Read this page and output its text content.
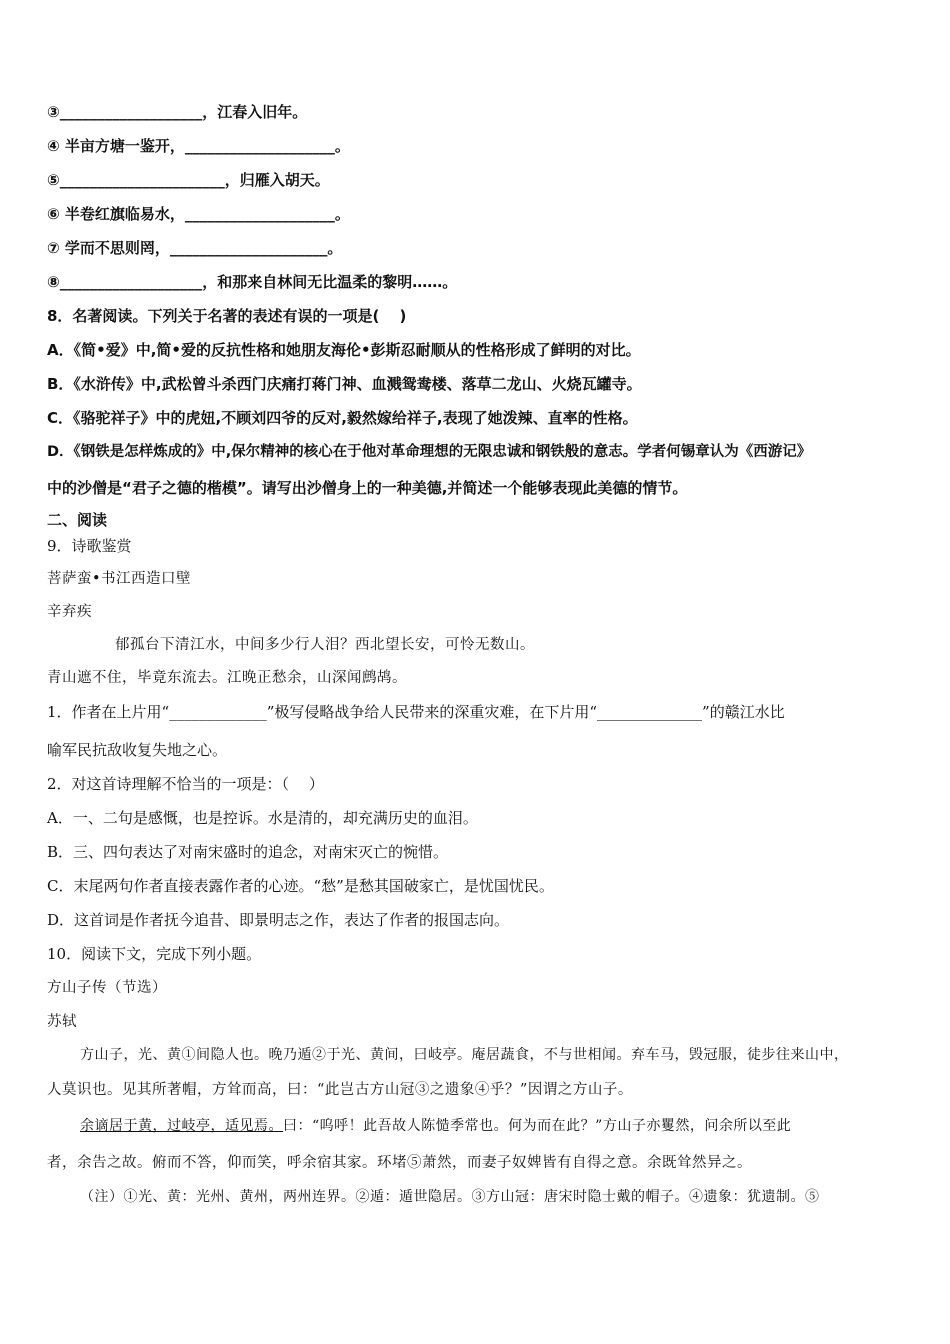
③___________________，江春入旧年。
④ 半亩方塘一鉴开，____________________。
⑤______________________，归雁入胡天。
⑥ 半卷红旗临易水，____________________。
⑦ 学而不思则罔，_____________________。
⑧___________________，和那来自林间无比温柔的黎明……。
8．名著阅读。下列关于名著的表述有误的一项是(　 )
A．《简•爱》中,简•爱的反抗性格和她朋友海伦•彭斯忍耐顺从的性格形成了鲜明的对比。
B．《水浒传》中,武松曾斗杀西门庆痛打蒋门神、血溅鸳鸯楼、落草二龙山、火烧瓦罐寺。
C．《骆驼祥子》中的虎妞,不顾刘四爷的反对,毅然嫁给祥子,表现了她泼辣、直率的性格。
D．《钢铁是怎样炼成的》中,保尔精神的核心在于他对革命理想的无限忠诚和钢铁般的意志。学者何锡章认为《西游记》
中的沙僧是“君子之德的楷模”。请写出沙僧身上的一种美德,并简述一个能够表现此美德的情节。
二、阅读
9．诗歌鉴赏
菩萨蛮•书江西造口壁
辛弃疾
郁孤台下清江水，中间多少行人泪？西北望长安，可怜无数山。
青山遮不住，毕竟东流去。江晚正愁余，山深闻鹧鸪。
1．作者在上片用“_____________”极写侵略战争给人民带来的深重灾难，在下片用“______________”的赣江水比
喻军民抗敌收复失地之心。
2．对这首诗理解不恰当的一项是：（　 ）
A．一、二句是感慨，也是控诉。水是清的，却充满历史的血泪。
B．三、四句表达了对南宋盛时的追念，对南宋灭亡的惋惜。
C．末尾两句作者直接表露作者的心迹。“愁”是愁其国破家亡，是忧国忧民。
D．这首词是作者抚今追昔、即景明志之作，表达了作者的报国志向。
10．阅读下文，完成下列小题。
方山子传（节选）
苏轼
方山子，光、黄①间隐人也。晚乃遁②于光、黄间，曰岐亭。庵居蔬食，不与世相闻。弃车马，毁冠服，徒步往来山中，
人莫识也。见其所著帽，方耸而高，曰：“此岂古方山冠③之遗象④乎？”因谓之方山子。
余谪居于黄，过岐亭，适见焉。曰：“呜呼！此吾故人陈慥季常也。何为而在此？”方山子亦矍然，问余所以至此
者，余告之故。俯而不答，仰而笑，呼余宿其家。环堵⑤萧然，而妻子奴婢皆有自得之意。余既耸然异之。
（注）①光、黄：光州、黄州，两州连界。②遁：遁世隐居。③方山冠：唐宋时隐士戴的帽子。④遗象：犹遗制。⑤
